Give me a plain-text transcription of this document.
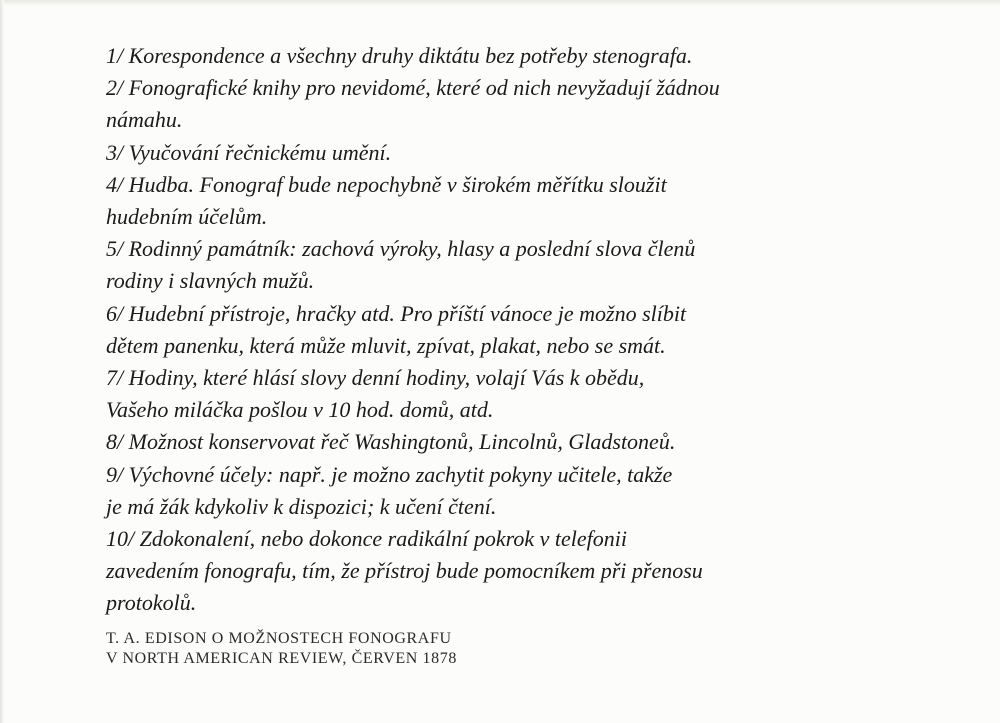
1/ Korespondence a všechny druhy diktátu bez potřeby stenografa.
2/ Fonografické knihy pro nevidomé, které od nich nevyžadují žádnou
námahu.
3/ Vyučování řečnickému umění.
4/ Hudba. Fonograf bude nepochybně v širokém měřítku sloužit
hudebním účelům.
5/ Rodinný památník: zachová výroky, hlasy a poslední slova členů
rodiny i slavných mužů.
6/ Hudební přístroje, hračky atd. Pro příští vánoce je možno slíbit
dětem panenku, která může mluvit, zpívat, plakat, nebo se smát.
7/ Hodiny, které hlásí slovy denní hodiny, volají Vás k obědu,
Vašeho miláčka pošlou v 10 hod. domů, atd.
8/ Možnost konservovat řeč Washingtonů, Lincolnů, Gladstoneů.
9/ Výchovné účely: např. je možno zachytit pokyny učitele, takže
je má žák kdykoliv k dispozici; k učení čtení.
10/ Zdokonalení, nebo dokonce radikální pokrok v telefonii
zavedením fonografu, tím, že přístroj bude pomocníkem při přenosu
protokolů.
T. A. EDISON O MOŽNOSTECH FONOGRAFU
V NORTH AMERICAN REVIEW, ČERVEN 1878
